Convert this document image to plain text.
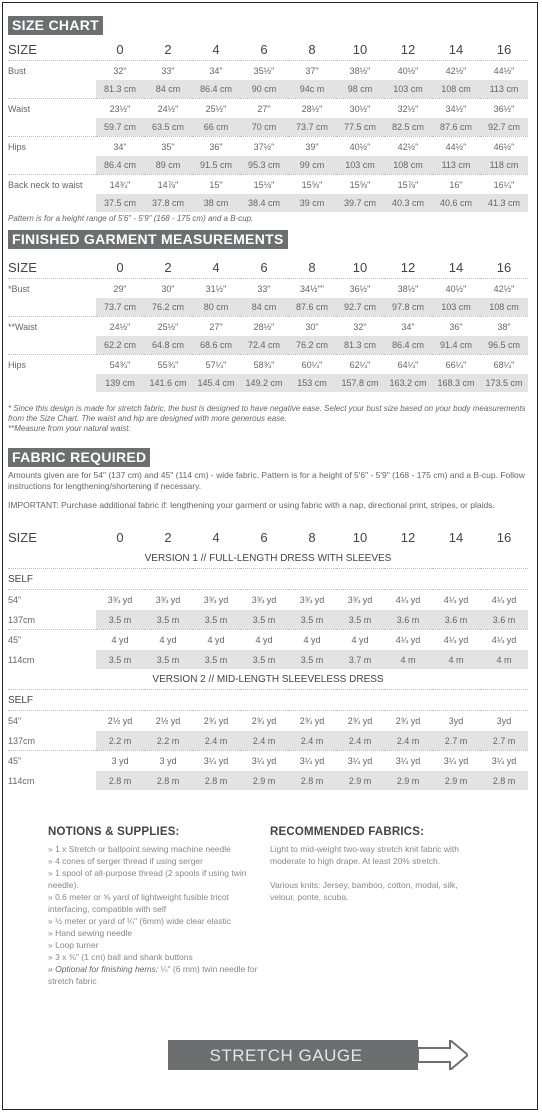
SIZE CHART
SIZE	0	2	4	6	8	10	12	14	16
Bust	32"	33"	34"	35½"	37"	38½"	40½"	42½"	44½"
	81.3 cm	84 cm	86.4 cm	90 cm	94c m	98 cm	103 cm	108 cm	113 cm
Waist	23½"	24½"	25½"	27"	28½"	30½"	32½"	34½"	36½"
	59.7 cm	63.5 cm	66 cm	70 cm	73.7 cm	77.5 cm	82.5 cm	87.6 cm	92.7 cm
Hips	34"	35"	36"	37½"	39"	40½"	42½"	44½"	46½"
	86.4 cm	89 cm	91.5 cm	95.3 cm	99 cm	103 cm	108 cm	113 cm	118 cm
Back neck to waist	14¾"	14⅞"	15"	15⅛"	15⅝"	15⅝"	15⅞"	16"	16¼"
	37.5 cm	37.8 cm	38 cm	38.4 cm	39 cm	39.7 cm	40.3 cm	40.6 cm	41.3 cm
Pattern is for a height range of 5'6" - 5'9" (168 - 175 cm) and a B-cup.
FINISHED GARMENT MEASUREMENTS
SIZE	0	2	4	6	8	10	12	14	16
*Bust	29"	30"	31½"	33"	34½""	36½"	38½"	40½"	42½"
	73.7 cm	76.2 cm	80 cm	84 cm	87.6 cm	92.7 cm	97.8 cm	103 cm	108 cm
**Waist	24½"	25½"	27"	28½"	30"	32"	34"	36"	38"
	62.2 cm	64.8 cm	68.6 cm	72.4 cm	76.2 cm	81.3 cm	86.4 cm	91.4 cm	96.5 cm
Hips	54¾"	55¾"	57¼"	58¾"	60¼"	62¼"	64¼"	66¼"	68¼"
	139 cm	141.6 cm	145.4 cm	149.2 cm	153 cm	157.8 cm	163.2 cm	168.3 cm	173.5 cm
* Since this design is made for stretch fabric, the bust is designed to have negative ease. Select your bust size based on your body measurements from the Size Chart. The waist and hip are designed with more generous ease.
**Measure from your natural waist.
FABRIC REQUIRED
Amounts given are for 54" (137 cm) and 45" (114 cm) - wide fabric. Pattern is for a height of 5'6" - 5'9" (168 - 175 cm) and a B-cup. Follow instructions for lengthening/shortening if necessary.
IMPORTANT: Purchase additional fabric if: lengthening your garment or using fabric with a nap, directional print, stripes, or plaids.
SIZE	0	2	4	6	8	10	12	14	16
VERSION 1 // FULL-LENGTH DRESS WITH SLEEVES									
SELF									
54"	3¾ yd	3¾ yd	3¾ yd	3¾ yd	3¾ yd	3¾ yd	4¼ yd	4¼ yd	4¼ yd
137cm	3.5 m	3.5 m	3.5 m	3.5 m	3.5 m	3.5 m	3.6 m	3.6 m	3.6 m
45"	4 yd	4 yd	4 yd	4 yd	4 yd	4 yd	4¼ yd	4¼ yd	4¼ yd
114cm	3.5 m	3.5 m	3.5 m	3.5 m	3.5 m	3.7 m	4 m	4 m	4 m
VERSION 2 // MID-LENGTH SLEEVELESS DRESS									
SELF									
54"	2½ yd	2½ yd	2¾ yd	2¾ yd	2¾ yd	2¾ yd	2¾ yd	3yd	3yd
137cm	2.2 m	2.2 m	2.4 m	2.4 m	2.4 m	2.4 m	2.4 m	2.7 m	2.7 m
45"	3 yd	3 yd	3¼ yd	3¼ yd	3¼ yd	3¼ yd	3¼ yd	3¼ yd	3¼ yd
114cm	2.8 m	2.8 m	2.8 m	2.9 m	2.8 m	2.9 m	2.9 m	2.9 m	2.8 m
NOTIONS & SUPPLIES:
» 1 x Stretch or ballpoint sewing machine needle
» 4 cones of serger thread if using serger
» 1 spool of all-purpose thread (2 spools if using twin needle).
» 0.6 meter or ⅝ yard of lightweight fusible tricot interfacing, compatible with self
» ½ meter or yard of ¼" (6mm) wide clear elastic
» Hand sewing needle
» Loop turner
» 3 x ⅜" (1 cm) ball and shank buttons
» Optional for finishing hems: ¼" (6 mm) twin needle for stretch fabric
RECOMMENDED FABRICS:
Light to mid-weight two-way stretch knit fabric with moderate to high drape. At least 20% stretch.
Various knits: Jersey, bamboo, cotton, modal, silk, velour, ponte, scuba.
STRETCH GAUGE
